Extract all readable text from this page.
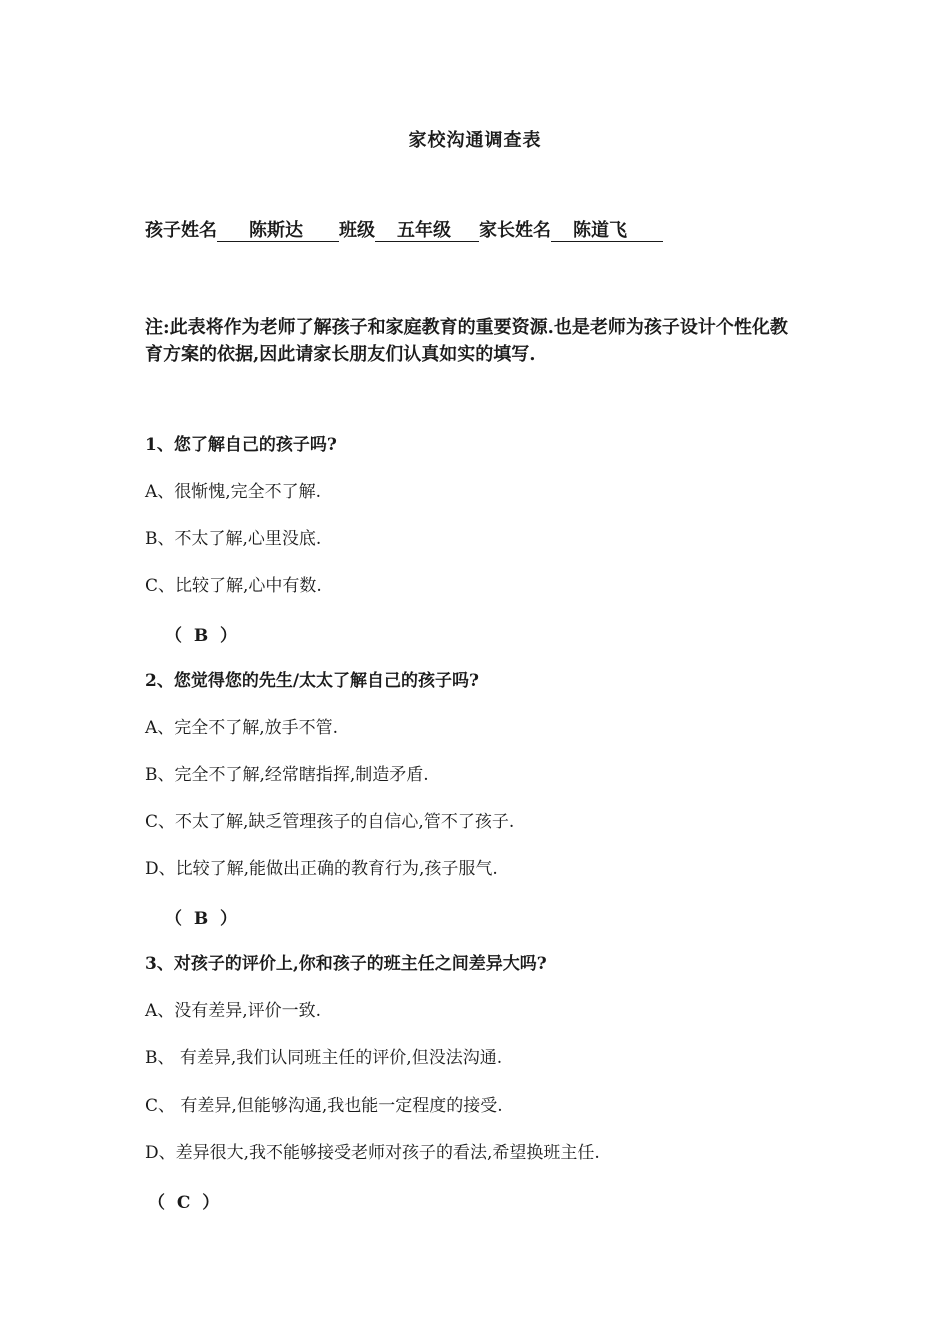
家校沟通调查表
孩子姓名 陈斯达 班级 五年级 家长姓名 陈道飞
注:此表将作为老师了解孩子和家庭教育的重要资源.也是老师为孩子设计个性化教育方案的依据,因此请家长朋友们认真如实的填写.
1、您了解自己的孩子吗?
A、很惭愧,完全不了解.
B、不太了解,心里没底.
C、比较了解,心中有数.
（  B  ）
2、您觉得您的先生/太太了解自己的孩子吗?
A、完全不了解,放手不管.
B、完全不了解,经常瞎指挥,制造矛盾.
C、不太了解,缺乏管理孩子的自信心,管不了孩子.
D、比较了解,能做出正确的教育行为,孩子服气.
（  B  ）
3、对孩子的评价上,你和孩子的班主任之间差异大吗?
A、没有差异,评价一致.
B、 有差异,我们认同班主任的评价,但没法沟通.
C、 有差异,但能够沟通,我也能一定程度的接受.
D、差异很大,我不能够接受老师对孩子的看法,希望换班主任.
（  C  ）
